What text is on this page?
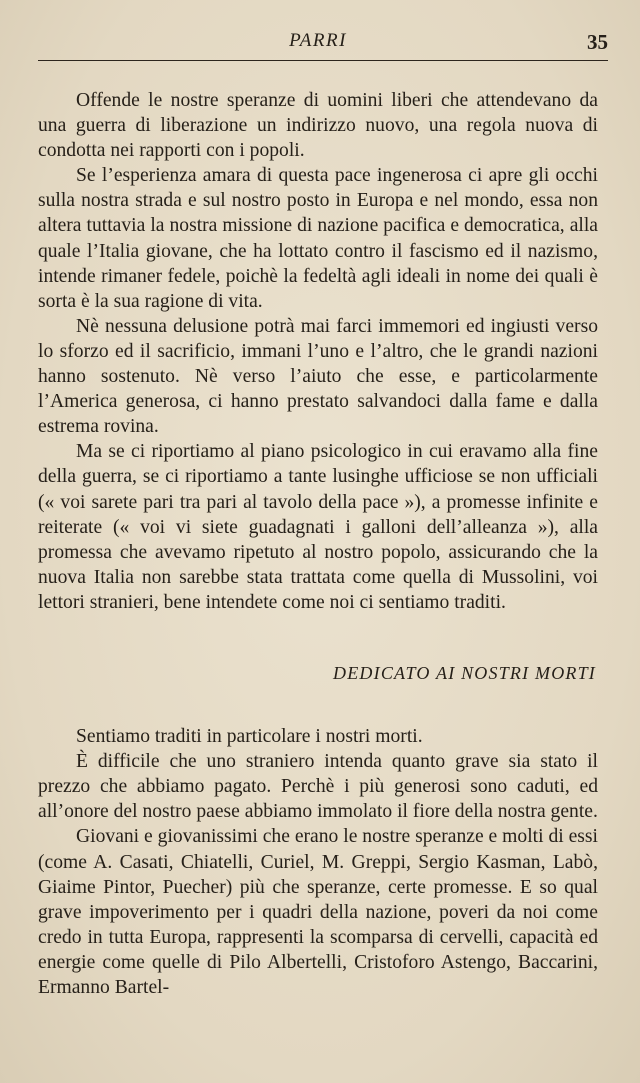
PARRI	35

Offende le nostre speranze di uomini liberi che attendevano da una guerra di liberazione un indirizzo nuovo, una regola nuova di condotta nei rapporti con i popoli.

Se l’esperienza amara di questa pace ingenerosa ci apre gli occhi sulla nostra strada e sul nostro posto in Europa e nel mondo, essa non altera tuttavia la nostra missione di nazione pacifica e democratica, alla quale l’Italia giovane, che ha lottato contro il fascismo ed il nazismo, intende rimaner fedele, poichè la fedeltà agli ideali in nome dei quali è sorta è la sua ragione di vita.

Nè nessuna delusione potrà mai farci immemori ed ingiusti verso lo sforzo ed il sacrificio, immani l’uno e l’altro, che le grandi nazioni hanno sostenuto. Nè verso l’aiuto che esse, e particolarmente l’America generosa, ci hanno prestato salvandoci dalla fame e dalla estrema rovina.

Ma se ci riportiamo al piano psicologico in cui eravamo alla fine della guerra, se ci riportiamo a tante lusinghe ufficiose se non ufficiali (« voi sarete pari tra pari al tavolo della pace »), a promesse infinite e reiterate (« voi vi siete guadagnati i galloni dell’alleanza »), alla promessa che avevamo ripetuto al nostro popolo, assicurando che la nuova Italia non sarebbe stata trattata come quella di Mussolini, voi lettori stranieri, bene intendete come noi ci sentiamo traditi.

DEDICATO AI NOSTRI MORTI

Sentiamo traditi in particolare i nostri morti.

È difficile che uno straniero intenda quanto grave sia stato il prezzo che abbiamo pagato. Perchè i più generosi sono caduti, ed all’onore del nostro paese abbiamo immolato il fiore della nostra gente.

Giovani e giovanissimi che erano le nostre speranze e molti di essi (come A. Casati, Chiatelli, Curiel, M. Greppi, Sergio Kasman, Labò, Giaime Pintor, Puecher) più che speranze, certe promesse. E so qual grave impoverimento per i quadri della nazione, poveri da noi come credo in tutta Europa, rappresenti la scomparsa di cervelli, capacità ed energie come quelle di Pilo Albertelli, Cristoforo Astengo, Baccarini, Ermanno Bartel-
